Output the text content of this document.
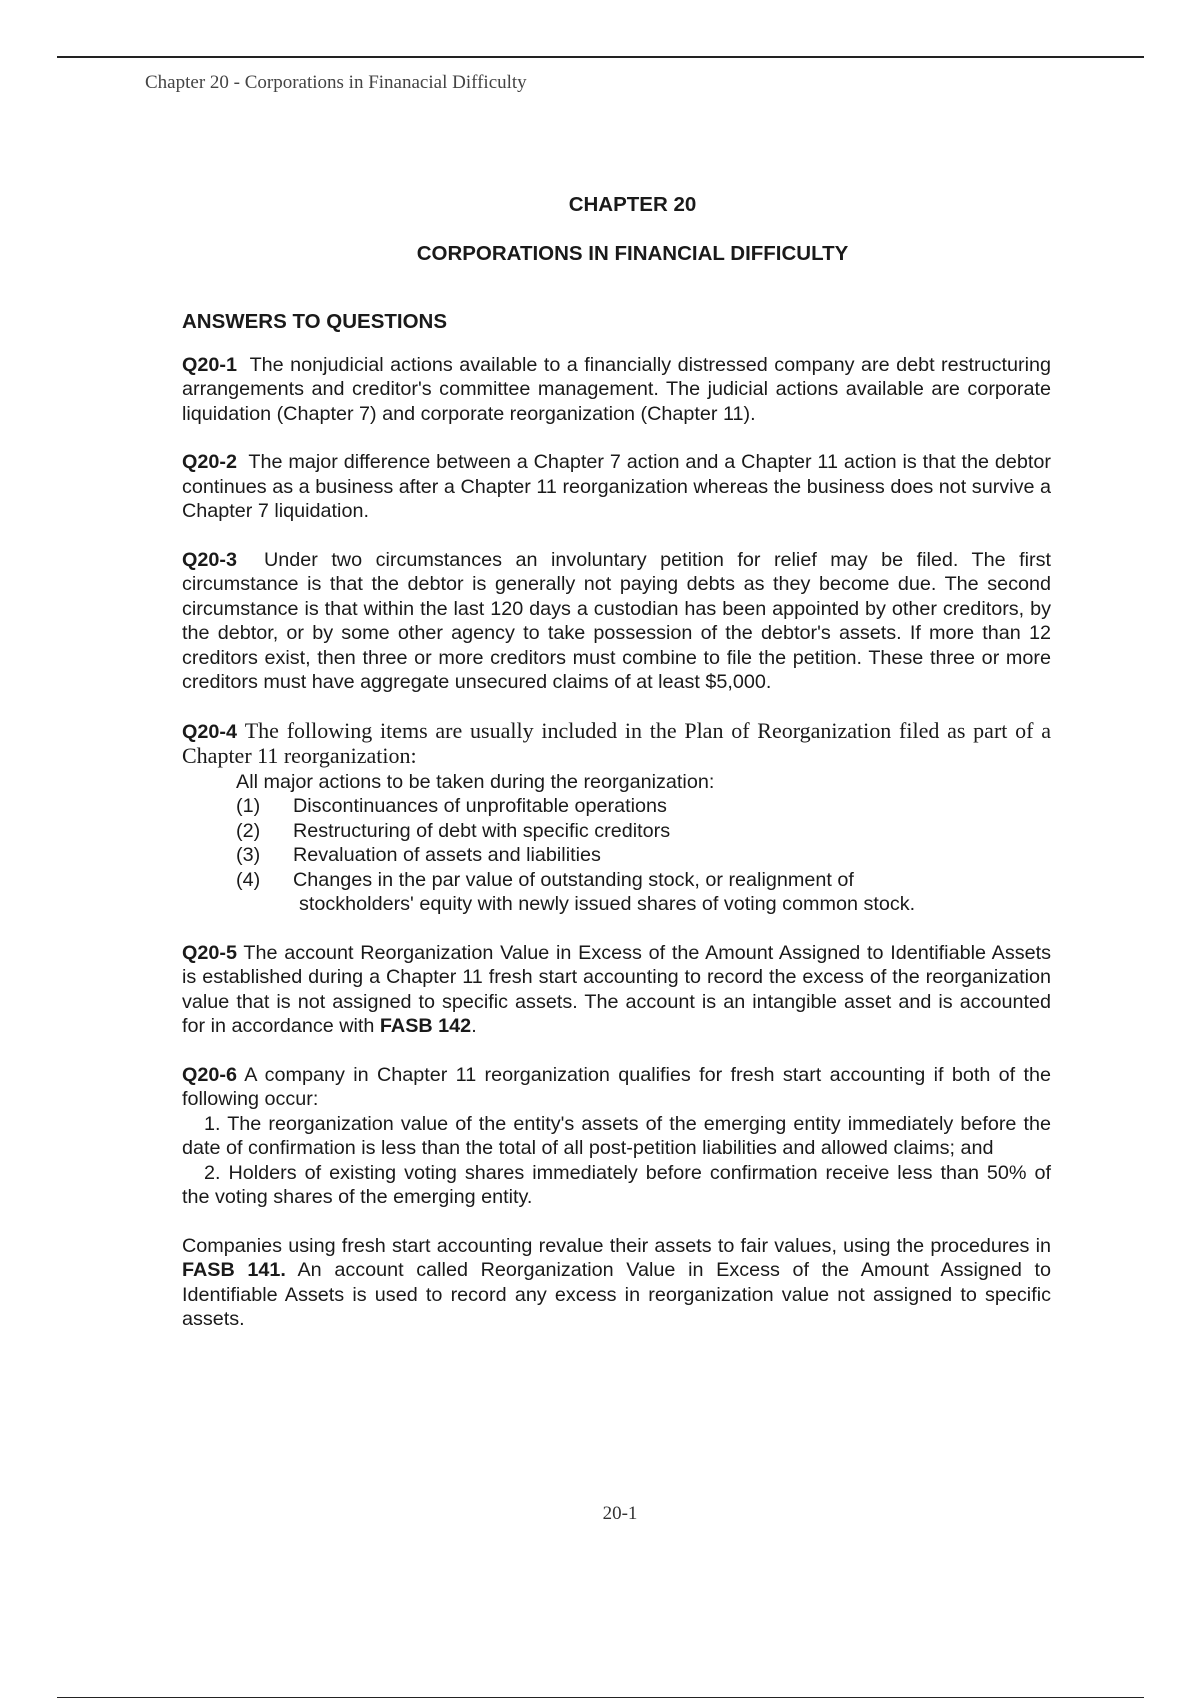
Chapter 20 - Corporations in Finanacial Difficulty
CHAPTER 20
CORPORATIONS IN FINANCIAL DIFFICULTY
ANSWERS TO QUESTIONS

Q20-1 The nonjudicial actions available to a financially distressed company are debt restructuring arrangements and creditor's committee management. The judicial actions available are corporate liquidation (Chapter 7) and corporate reorganization (Chapter 11).

Q20-2 The major difference between a Chapter 7 action and a Chapter 11 action is that the debtor continues as a business after a Chapter 11 reorganization whereas the business does not survive a Chapter 7 liquidation.

Q20-3 Under two circumstances an involuntary petition for relief may be filed. The first circumstance is that the debtor is generally not paying debts as they become due. The second circumstance is that within the last 120 days a custodian has been appointed by other creditors, by the debtor, or by some other agency to take possession of the debtor's assets. If more than 12 creditors exist, then three or more creditors must combine to file the petition. These three or more creditors must have aggregate unsecured claims of at least $5,000.

Q20-4 The following items are usually included in the Plan of Reorganization filed as part of a Chapter 11 reorganization:

All major actions to be taken during the reorganization:
(1)	Discontinuances of unprofitable operations
(2)	Restructuring of debt with specific creditors
(3)	Revaluation of assets and liabilities
(4)	Changes in the par value of outstanding stock, or realignment of
stockholders' equity with newly issued shares of voting common stock.

Q20-5 The account Reorganization Value in Excess of the Amount Assigned to Identifiable Assets is established during a Chapter 11 fresh start accounting to record the excess of the reorganization value that is not assigned to specific assets. The account is an intangible asset and is accounted for in accordance with FASB 142.

Q20-6 A company in Chapter 11 reorganization qualifies for fresh start accounting if both of the following occur:

1. The reorganization value of the entity's assets of the emerging entity immediately before the date of confirmation is less than the total of all post-petition liabilities and allowed claims; and
2. Holders of existing voting shares immediately before confirmation receive less than 50% of the voting shares of the emerging entity.

Companies using fresh start accounting revalue their assets to fair values, using the procedures in FASB 141. An account called Reorganization Value in Excess of the Amount Assigned to Identifiable Assets is used to record any excess in reorganization value not assigned to specific assets.

20-1
